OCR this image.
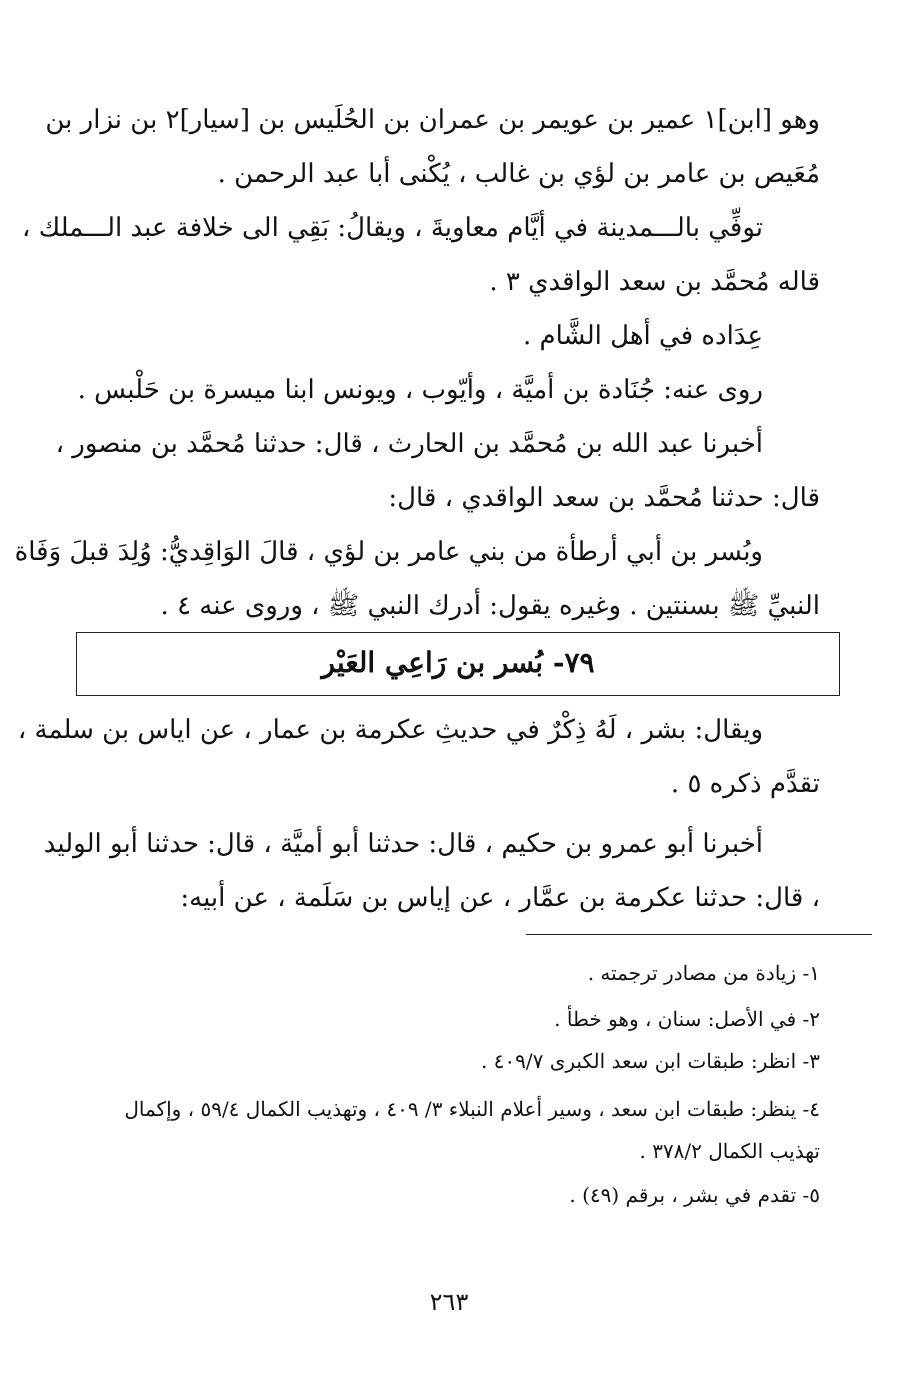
وهو [ابن]١ عمير بن عويمر بن عمران بن الحُلَيس بن [سيار]٢ بن نزار بن
مُعَيص بن عامر بن لؤي بن غالب ، يُكْنى أبا عبد الرحمن .
توفِّي بالـــمدينة في أيَّام معاويةَ ، ويقالُ: بَقِي الى خلافة عبد الـــملك ،
قاله مُحمَّد بن سعد الواقدي ٣ .
عِدَاده في أهل الشَّام .
روى عنه: جُنَادة بن أميَّة ، وأيّوب ، ويونس ابنا ميسرة بن حَلْبس .
أخبرنا عبد الله بن مُحمَّد بن الحارث ، قال: حدثنا مُحمَّد بن منصور ،
قال: حدثنا مُحمَّد بن سعد الواقدي ، قال:
وبُسر بن أبي أرطأة من بني عامر بن لؤي ، قالَ الوَاقِديُّ: وُلِدَ قبلَ وَفَاة
النبيِّ ﷺ بسنتين . وغيره يقول: أدرك النبي ﷺ ، وروى عنه ٤ .
٧٩- بُسر بن رَاعِي العَيْر
ويقال: بشر ، لَهُ ذِكْرٌ في حديثِ عكرمة بن عمار ، عن اياس بن سلمة ،
تقدَّم ذكره ٥ .
أخبرنا أبو عمرو بن حكيم ، قال: حدثنا أبو أميَّة ، قال: حدثنا أبو الوليد
، قال: حدثنا عكرمة بن عمَّار ، عن إياس بن سَلَمة ، عن أبيه:
١- زيادة من مصادر ترجمته .
٢- في الأصل: سنان ، وهو خطأ .
٣- انظر: طبقات ابن سعد الكبرى ٤٠٩/٧ .
٤- ينظر: طبقات ابن سعد ، وسير أعلام النبلاء ٣/ ٤٠٩ ، وتهذيب الكمال ٥٩/٤ ، وإكمال
تهذيب الكمال ٣٧٨/٢ .
٥- تقدم في بشر ، برقم (٤٩) .
٢٦٣
